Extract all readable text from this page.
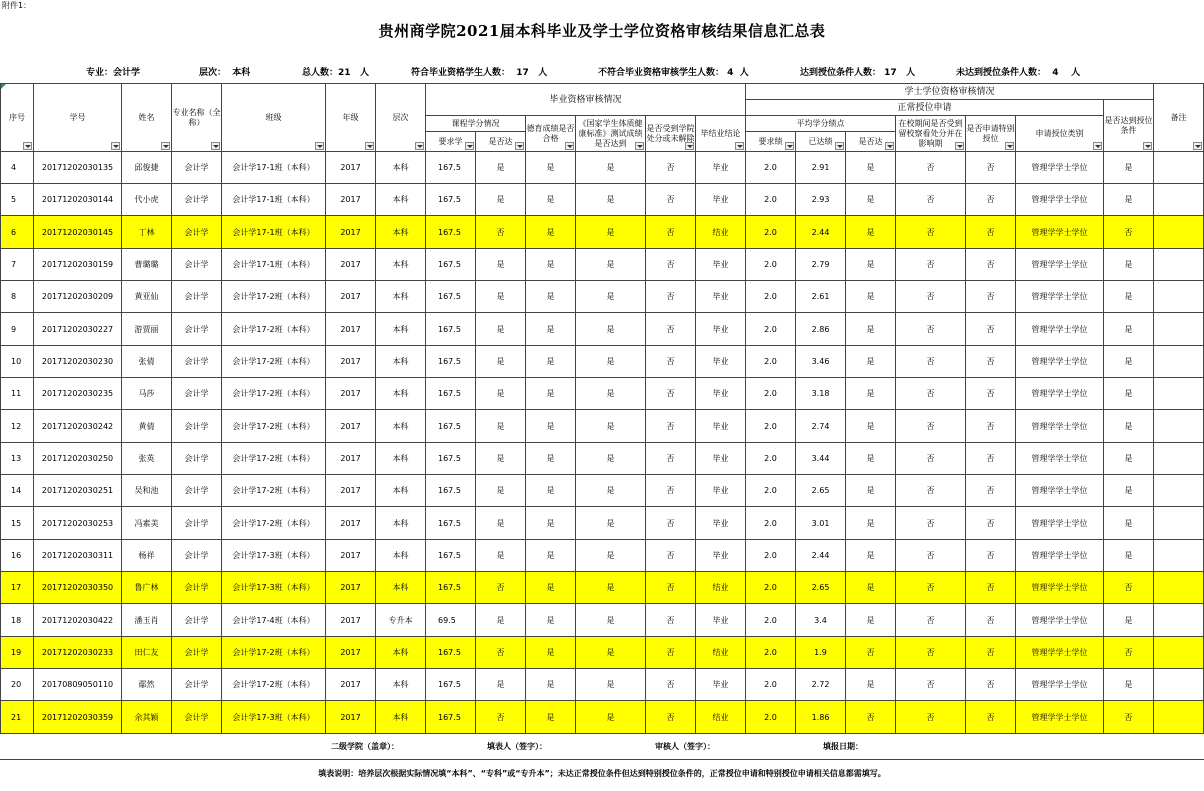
附件1：
贵州商学院2021届本科毕业及学士学位资格审核结果信息汇总表
专业：会计学	层次： 本科	总人数：21 人	符合毕业资格学生人数： 17 人	不符合毕业资格审核学生人数： 4 人	达到授位条件人数： 17 人	未达到授位条件人数： 4 人
序号	学号	姓名	专业名称（全称）	班级	年级	层次	毕业资格审核情况						学士学位资格审核情况							备注

													正常授位申请						是否达到授位条件	

							课程学分情况		德育成绩是否合格	《国家学生体质健康标准》测试成绩是否达到	是否受到学院处分或未解除	毕结业结论	平均学分绩点			在校期间是否受到留校察看处分并在影响期	是否申请特别授位	申请授位类别		

							要求学	是否达					要求绩	已达绩	是否达					

4	20171202030135	邱俊捷	会计学	会计学17-1班（本科）	2017	本科	167.5	是	是	是	否	毕业	2.0	2.91	是	否	否	管理学学士学位	是	
5	20171202030144	代小虎	会计学	会计学17-1班（本科）	2017	本科	167.5	是	是	是	否	毕业	2.0	2.93	是	否	否	管理学学士学位	是	
6	20171202030145	丁林	会计学	会计学17-1班（本科）	2017	本科	167.5	否	是	是	否	结业	2.0	2.44	是	否	否	管理学学士学位	否	
7	20171202030159	曹璐璐	会计学	会计学17-1班（本科）	2017	本科	167.5	是	是	是	否	毕业	2.0	2.79	是	否	否	管理学学士学位	是	
8	20171202030209	黄亚仙	会计学	会计学17-2班（本科）	2017	本科	167.5	是	是	是	否	毕业	2.0	2.61	是	否	否	管理学学士学位	是	
9	20171202030227	游贾丽	会计学	会计学17-2班（本科）	2017	本科	167.5	是	是	是	否	毕业	2.0	2.86	是	否	否	管理学学士学位	是	
10	20171202030230	张倩	会计学	会计学17-2班（本科）	2017	本科	167.5	是	是	是	否	毕业	2.0	3.46	是	否	否	管理学学士学位	是	
11	20171202030235	马莎	会计学	会计学17-2班（本科）	2017	本科	167.5	是	是	是	否	毕业	2.0	3.18	是	否	否	管理学学士学位	是	
12	20171202030242	黄倩	会计学	会计学17-2班（本科）	2017	本科	167.5	是	是	是	否	毕业	2.0	2.74	是	否	否	管理学学士学位	是	
13	20171202030250	张英	会计学	会计学17-2班（本科）	2017	本科	167.5	是	是	是	否	毕业	2.0	3.44	是	否	否	管理学学士学位	是	
14	20171202030251	吴和池	会计学	会计学17-2班（本科）	2017	本科	167.5	是	是	是	否	毕业	2.0	2.65	是	否	否	管理学学士学位	是	
15	20171202030253	冯素美	会计学	会计学17-2班（本科）	2017	本科	167.5	是	是	是	否	毕业	2.0	3.01	是	否	否	管理学学士学位	是	
16	20171202030311	杨祥	会计学	会计学17-3班（本科）	2017	本科	167.5	是	是	是	否	毕业	2.0	2.44	是	否	否	管理学学士学位	是	
17	20171202030350	鲁广林	会计学	会计学17-3班（本科）	2017	本科	167.5	否	是	是	否	结业	2.0	2.65	是	否	否	管理学学士学位	否	
18	20171202030422	潘玉肖	会计学	会计学17-4班（本科）	2017	专升本	69.5	是	是	是	否	毕业	2.0	3.4	是	否	否	管理学学士学位	是	
19	20171202030233	田仁友	会计学	会计学17-2班（本科）	2017	本科	167.5	否	是	是	否	结业	2.0	1.9	否	否	否	管理学学士学位	否	
20	20170809050110	鄢然	会计学	会计学17-2班（本科）	2017	本科	167.5	是	是	是	否	毕业	2.0	2.72	是	否	否	管理学学士学位	是	
21	20171202030359	余其颖	会计学	会计学17-3班（本科）	2017	本科	167.5	否	是	是	否	结业	2.0	1.86	否	否	否	管理学学士学位	否	
二级学院（盖章）：	填表人（签字）：	审核人（签字）：	填报日期：
填表说明：培养层次根据实际情况填“本科”、“专科”或“专升本”；未达正常授位条件但达到特别授位条件的，正常授位申请和特别授位申请相关信息都需填写。
